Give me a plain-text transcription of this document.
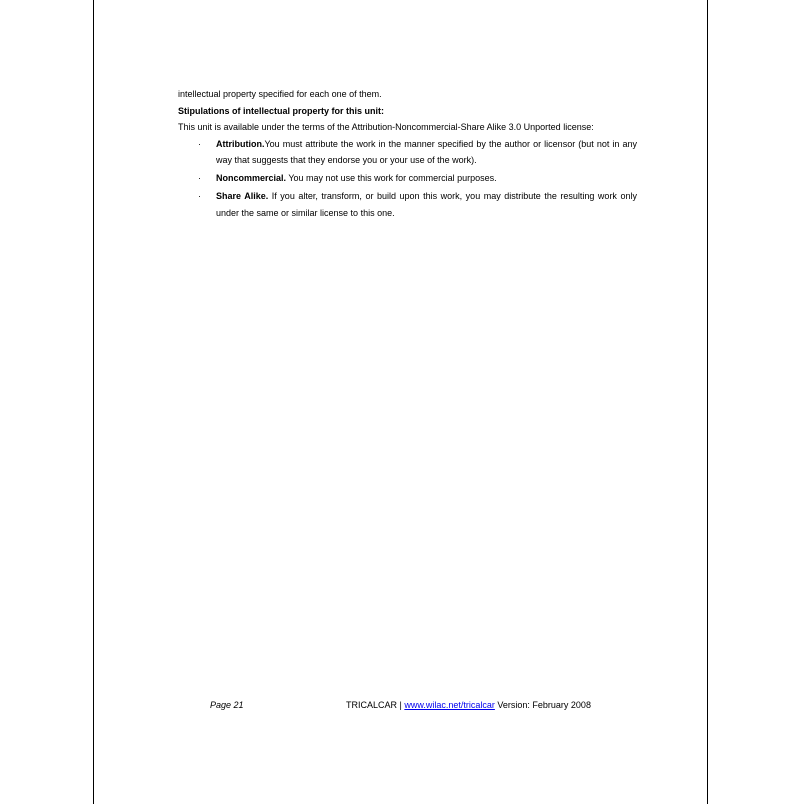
intellectual property specified for each one of them.

Stipulations of intellectual property for this unit:

This unit is available under the terms of the Attribution-Noncommercial-Share Alike 3.0 Unported license:

·	Attribution.You must attribute the work in the manner specified by the author or licensor (but not in any way that suggests that they endorse you or your use of the work).
·	Noncommercial. You may not use this work for commercial purposes.
·	Share Alike. If you alter, transform, or build upon this work, you may distribute the resulting work only under the same or similar license to this one.
Page 21	TRICALCAR | www.wilac.net/tricalcar Version: February 2008
